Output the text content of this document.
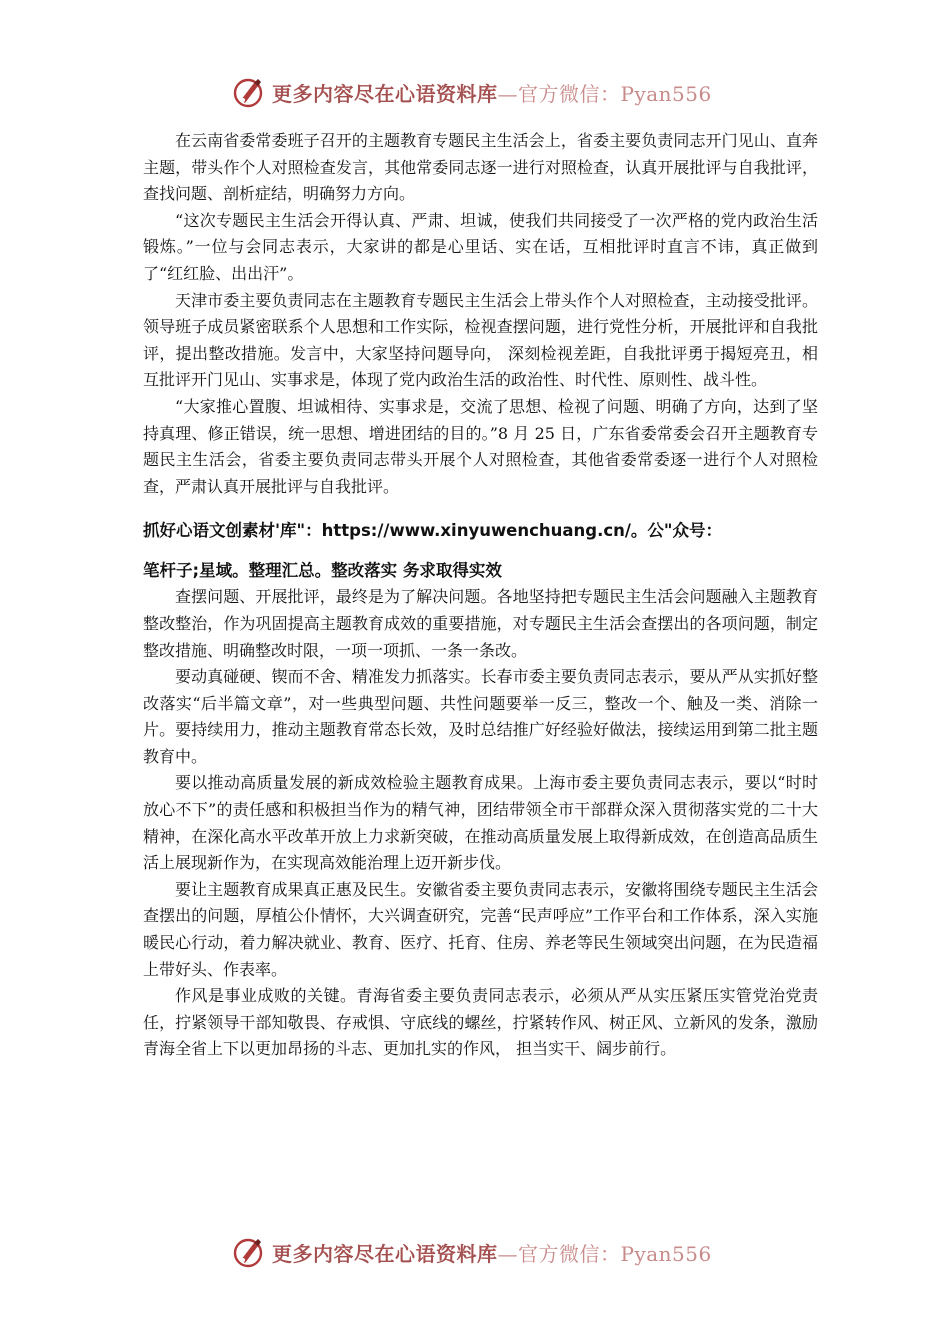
更多内容尽在心语资料库—官方微信：Pyan556

在云南省委常委班子召开的主题教育专题民主生活会上，省委主要负责同志开门见山、直奔主题，带头作个人对照检查发言，其他常委同志逐一进行对照检查，认真开展批评与自我批评，查找问题、剖析症结，明确努力方向。

“这次专题民主生活会开得认真、严肃、坦诚，使我们共同接受了一次严格的党内政治生活锻炼。”一位与会同志表示，大家讲的都是心里话、实在话，互相批评时直言不讳，真正做到了“红红脸、出出汗”。

天津市委主要负责同志在主题教育专题民主生活会上带头作个人对照检查，主动接受批评。领导班子成员紧密联系个人思想和工作实际，检视查摆问题，进行党性分析，开展批评和自我批评，提出整改措施。发言中，大家坚持问题导向， 深刻检视差距，自我批评勇于揭短亮丑，相互批评开门见山、实事求是，体现了党内政治生活的政治性、时代性、原则性、战斗性。

“大家推心置腹、坦诚相待、实事求是，交流了思想、检视了问题、明确了方向，达到了坚持真理、修正错误，统一思想、增进团结的目的。”8 月 25 日，广东省委常委会召开主题教育专题民主生活会，省委主要负责同志带头开展个人对照检查，其他省委常委逐一进行个人对照检查，严肃认真开展批评与自我批评。

抓好心语文创素材'库"：https://www.xinyuwenchuang.cn/。公"众号：

笔杆子;星域。整理汇总。整改落实 务求取得实效

查摆问题、开展批评，最终是为了解决问题。各地坚持把专题民主生活会问题融入主题教育整改整治，作为巩固提高主题教育成效的重要措施，对专题民主生活会查摆出的各项问题，制定整改措施、明确整改时限，一项一项抓、一条一条改。

要动真碰硬、锲而不舍、精准发力抓落实。长春市委主要负责同志表示，要从严从实抓好整改落实“后半篇文章”，对一些典型问题、共性问题要举一反三，整改一个、触及一类、消除一片。要持续用力，推动主题教育常态长效，及时总结推广好经验好做法，接续运用到第二批主题教育中。

要以推动高质量发展的新成效检验主题教育成果。上海市委主要负责同志表示，要以“时时放心不下”的责任感和积极担当作为的精气神，团结带领全市干部群众深入贯彻落实党的二十大精神，在深化高水平改革开放上力求新突破，在推动高质量发展上取得新成效，在创造高品质生活上展现新作为，在实现高效能治理上迈开新步伐。

要让主题教育成果真正惠及民生。安徽省委主要负责同志表示，安徽将围绕专题民主生活会查摆出的问题，厚植公仆情怀，大兴调查研究，完善“民声呼应”工作平台和工作体系，深入实施暖民心行动，着力解决就业、教育、医疗、托育、住房、养老等民生领域突出问题，在为民造福上带好头、作表率。

作风是事业成败的关键。青海省委主要负责同志表示，必须从严从实压紧压实管党治党责任，拧紧领导干部知敬畏、存戒惧、守底线的螺丝，拧紧转作风、树正风、立新风的发条，激励青海全省上下以更加昂扬的斗志、更加扎实的作风， 担当实干、阔步前行。

更多内容尽在心语资料库—官方微信：Pyan556
